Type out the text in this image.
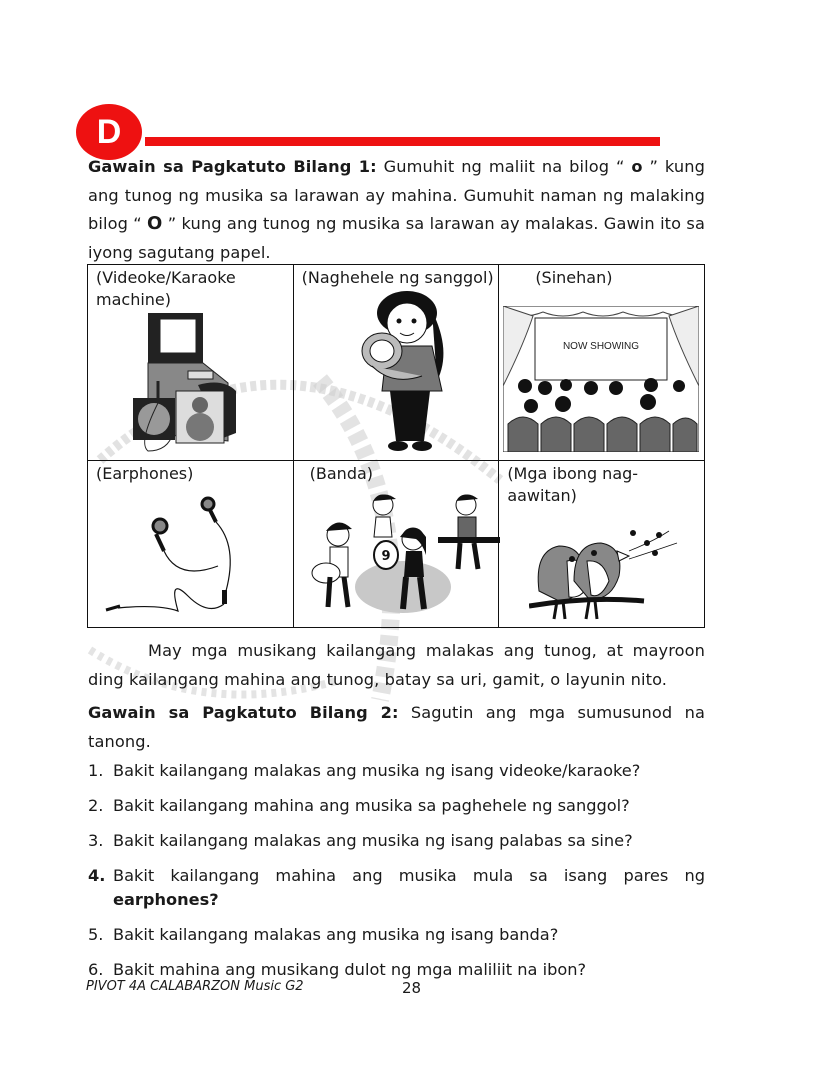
D

Gawain sa Pagkatuto Bilang 1: Gumuhit ng maliit na bilog “ o ” kung ang tunog ng musika sa larawan ay mahina. Gumuhit naman ng malaking bilog “ O ” kung ang tunog ng musika sa larawan ay malakas. Gawin ito sa iyong sagutang papel.

(Videoke/Karaoke machine)	(Naghehele ng sanggol)	(Sinehan)
NOW SHOWING

(Earphones)	(Banda)
9	(Mga ibong nag-aawitan)

May mga musikang kailangang malakas ang tunog, at mayroon ding kailangang mahina ang tunog, batay sa uri, gamit, o layunin nito.

Gawain sa Pagkatuto Bilang 2: Sagutin ang mga sumusunod na tanong.

1. Bakit kailangang malakas ang musika ng isang videoke/karaoke?
2. Bakit kailangang mahina ang musika sa paghehele ng sanggol?
3. Bakit kailangang malakas ang musika ng isang palabas sa sine?
4. Bakit kailangang mahina ang musika mula sa isang pares ng
earphones?
5. Bakit kailangang malakas ang musika ng isang banda?
6. Bakit mahina ang musikang dulot ng mga maliliit na ibon?
PIVOT 4A CALABARZON Music G2	28
